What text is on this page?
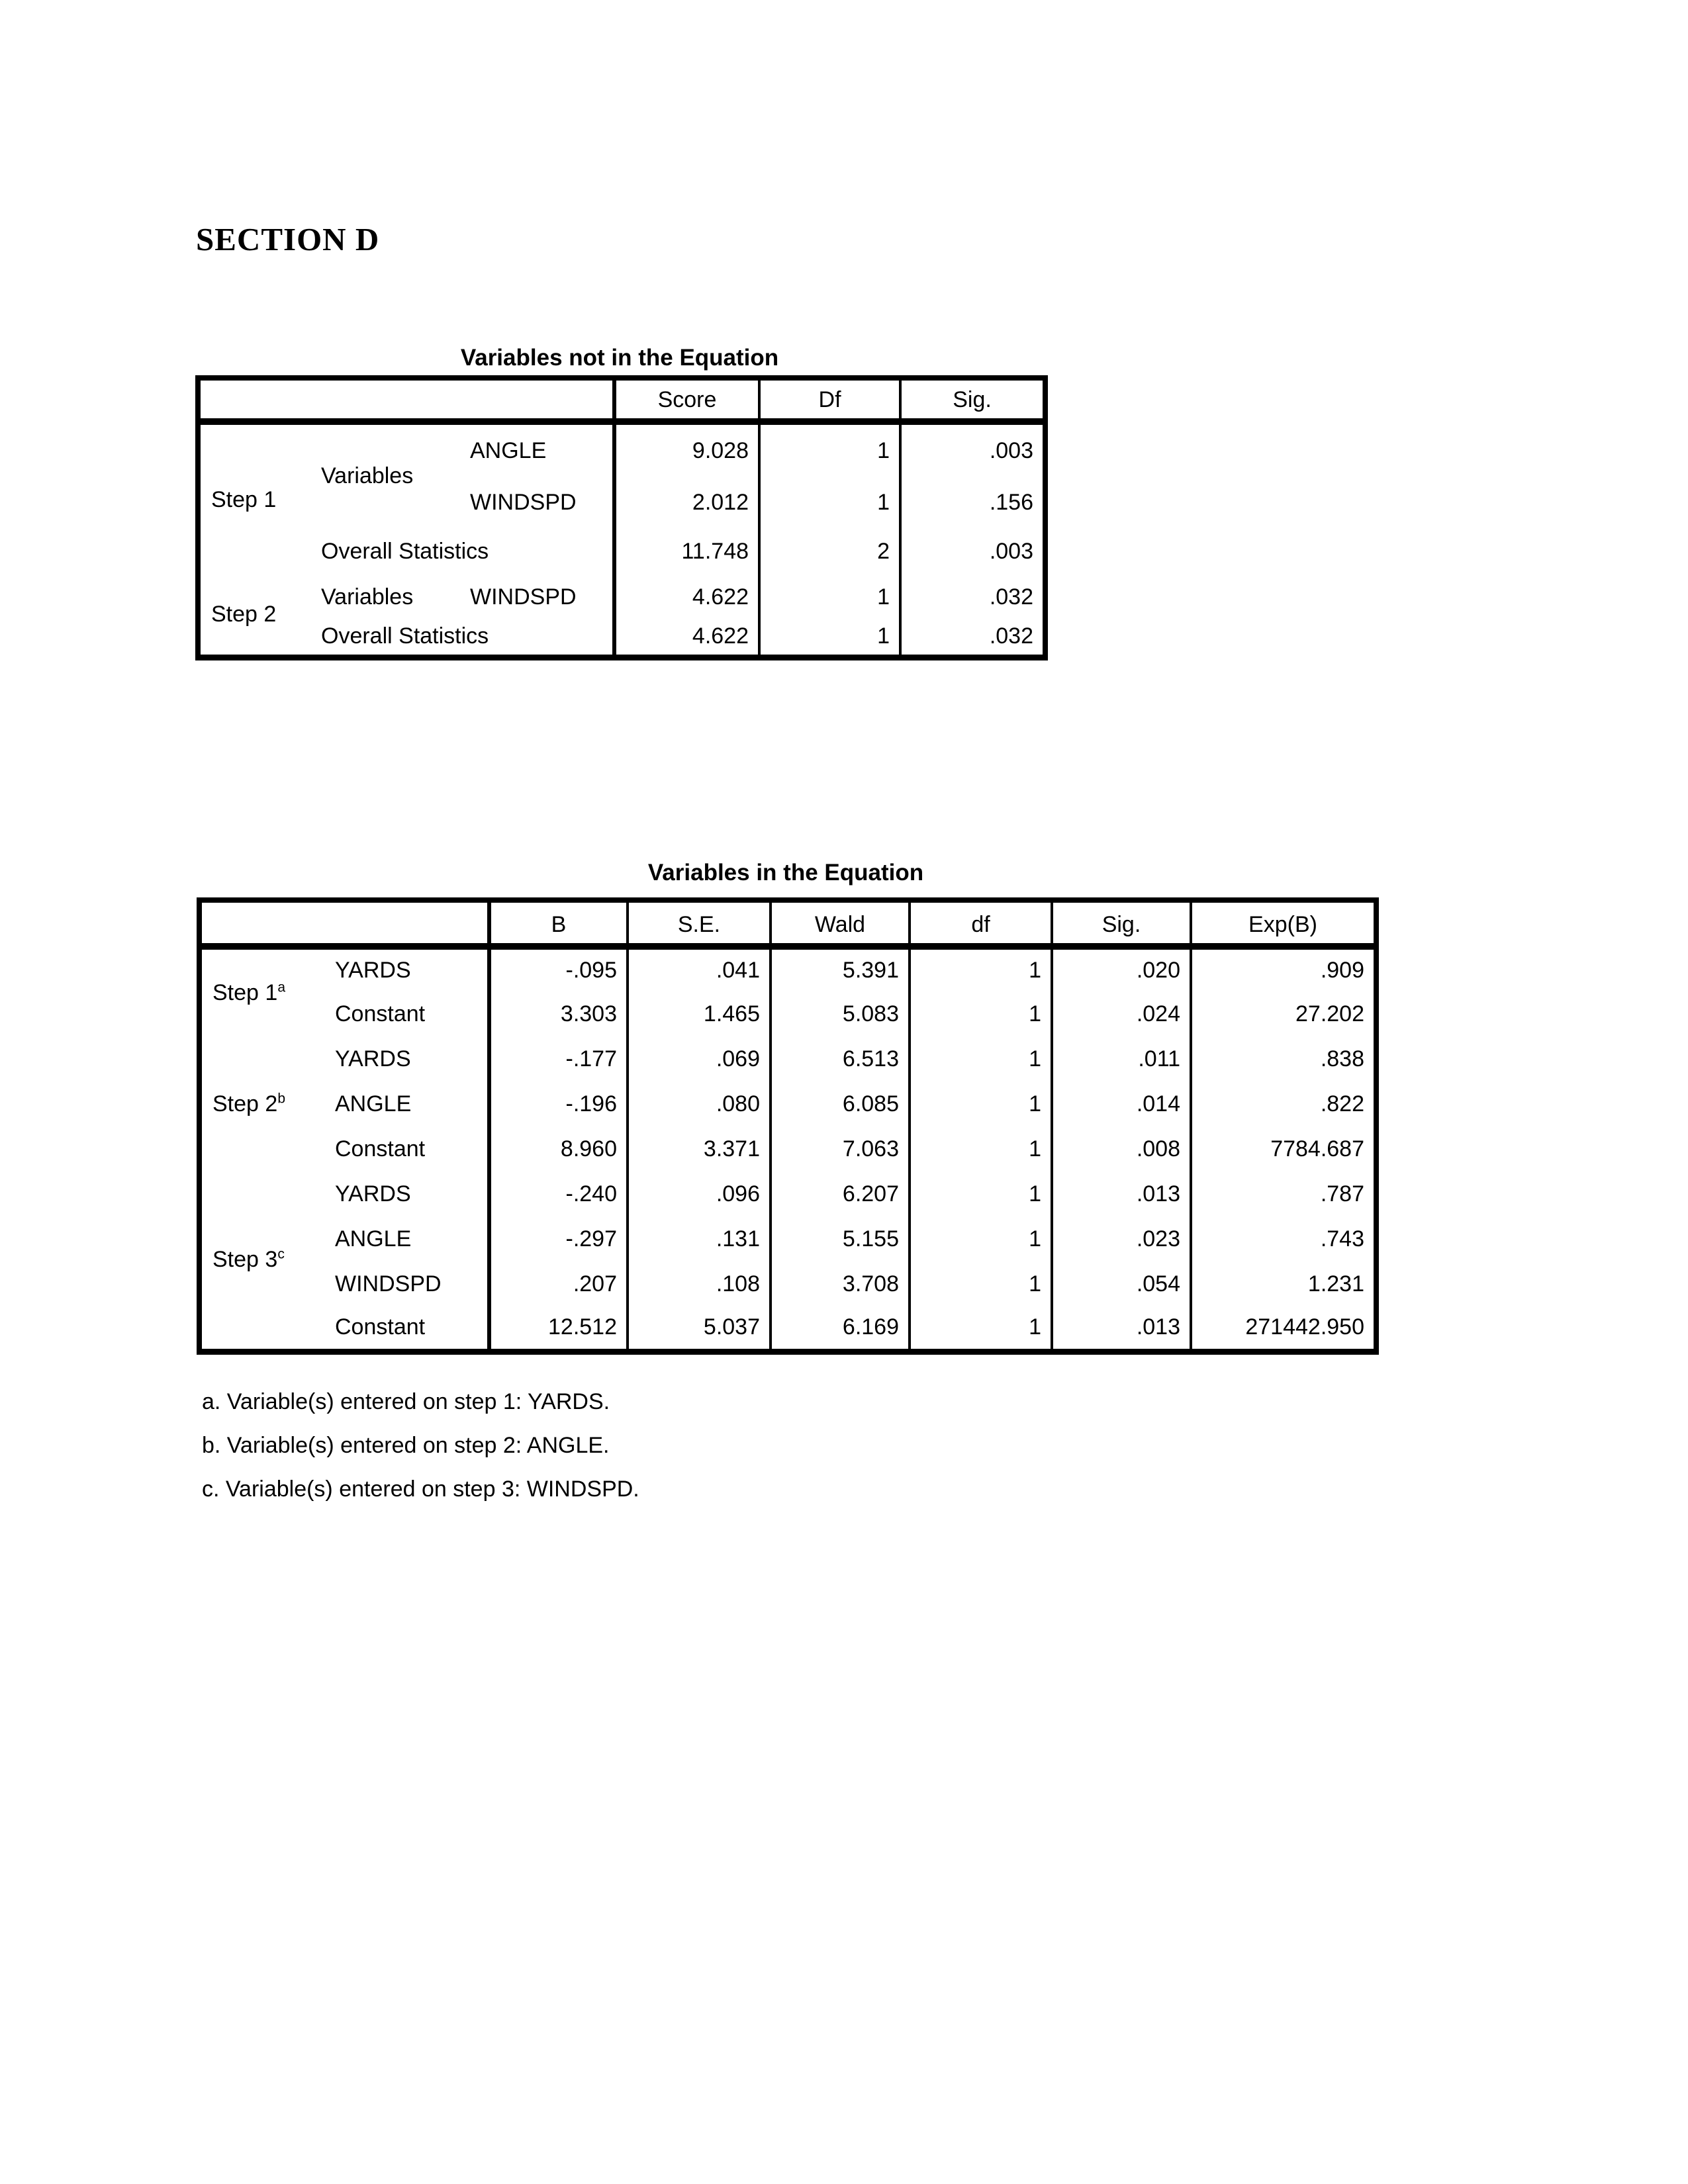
SECTION D
Variables not in the Equation
			Score	Df	Sig.
Step 1	Variables	ANGLE	9.028	1	.003
		WINDSPD	2.012	1	.156
	Overall Statistics		11.748	2	.003
Step 2	Variables	WINDSPD	4.622	1	.032
	Overall Statistics		4.622	1	.032
Variables in the Equation
		B	S.E.	Wald	df	Sig.	Exp(B)
Step 1$^a$	YARDS	-.095	.041	5.391	1	.020	.909
	Constant	3.303	1.465	5.083	1	.024	27.202
Step 2$^b$	YARDS	-.177	.069	6.513	1	.011	.838
	ANGLE	-.196	.080	6.085	1	.014	.822
	Constant	8.960	3.371	7.063	1	.008	7784.687
Step 3$^c$	YARDS	-.240	.096	6.207	1	.013	.787
	ANGLE	-.297	.131	5.155	1	.023	.743
	WINDSPD	.207	.108	3.708	1	.054	1.231
	Constant	12.512	5.037	6.169	1	.013	271442.950
a. Variable(s) entered on step 1: YARDS.
b. Variable(s) entered on step 2: ANGLE.
c. Variable(s) entered on step 3: WINDSPD.
